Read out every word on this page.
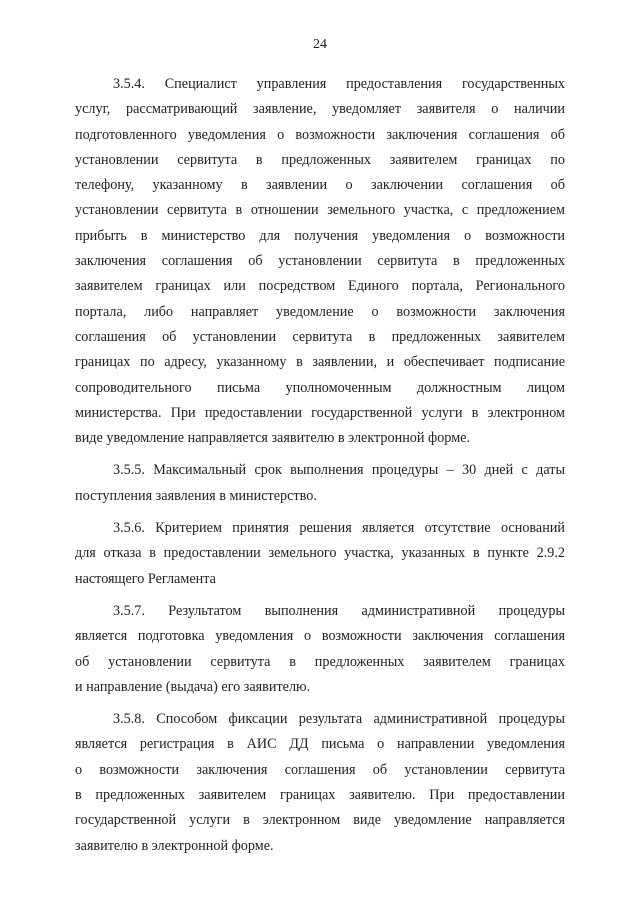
24

3.5.4. Специалист управления предоставления государственных
услуг, рассматривающий заявление, уведомляет заявителя о наличии
подготовленного уведомления о возможности заключения соглашения об
установлении сервитута в предложенных заявителем границах по
телефону, указанному в заявлении о заключении соглашения об
установлении сервитута в отношении земельного участка, с предложением
прибыть в министерство для получения уведомления о возможности
заключения соглашения об установлении сервитута в предложенных
заявителем границах или посредством Единого портала, Регионального
портала, либо направляет уведомление о возможности заключения
соглашения об установлении сервитута в предложенных заявителем
границах по адресу, указанному в заявлении, и обеспечивает подписание
сопроводительного письма уполномоченным должностным лицом
министерства. При предоставлении государственной услуги в электронном
виде уведомление направляется заявителю в электронной форме.

3.5.5. Максимальный срок выполнения процедуры – 30 дней с даты
поступления заявления в министерство.

3.5.6. Критерием принятия решения является отсутствие оснований
для отказа в предоставлении земельного участка, указанных в пункте 2.9.2
настоящего Регламента

3.5.7. Результатом выполнения административной процедуры
является подготовка уведомления о возможности заключения соглашения
об установлении сервитута в предложенных заявителем границах
и направление (выдача) его заявителю.

3.5.8. Способом фиксации результата административной процедуры
является регистрация в АИС ДД письма о направлении уведомления
о возможности заключения соглашения об установлении сервитута
в предложенных заявителем границах заявителю. При предоставлении
государственной услуги в электронном виде уведомление направляется
заявителю в электронной форме.
